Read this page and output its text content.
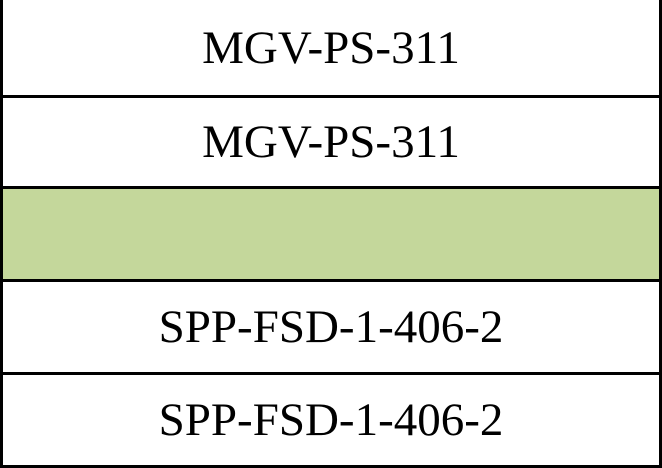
MGV-PS-311
MGV-PS-311
SPP-FSD-1-406-2
SPP-FSD-1-406-2
